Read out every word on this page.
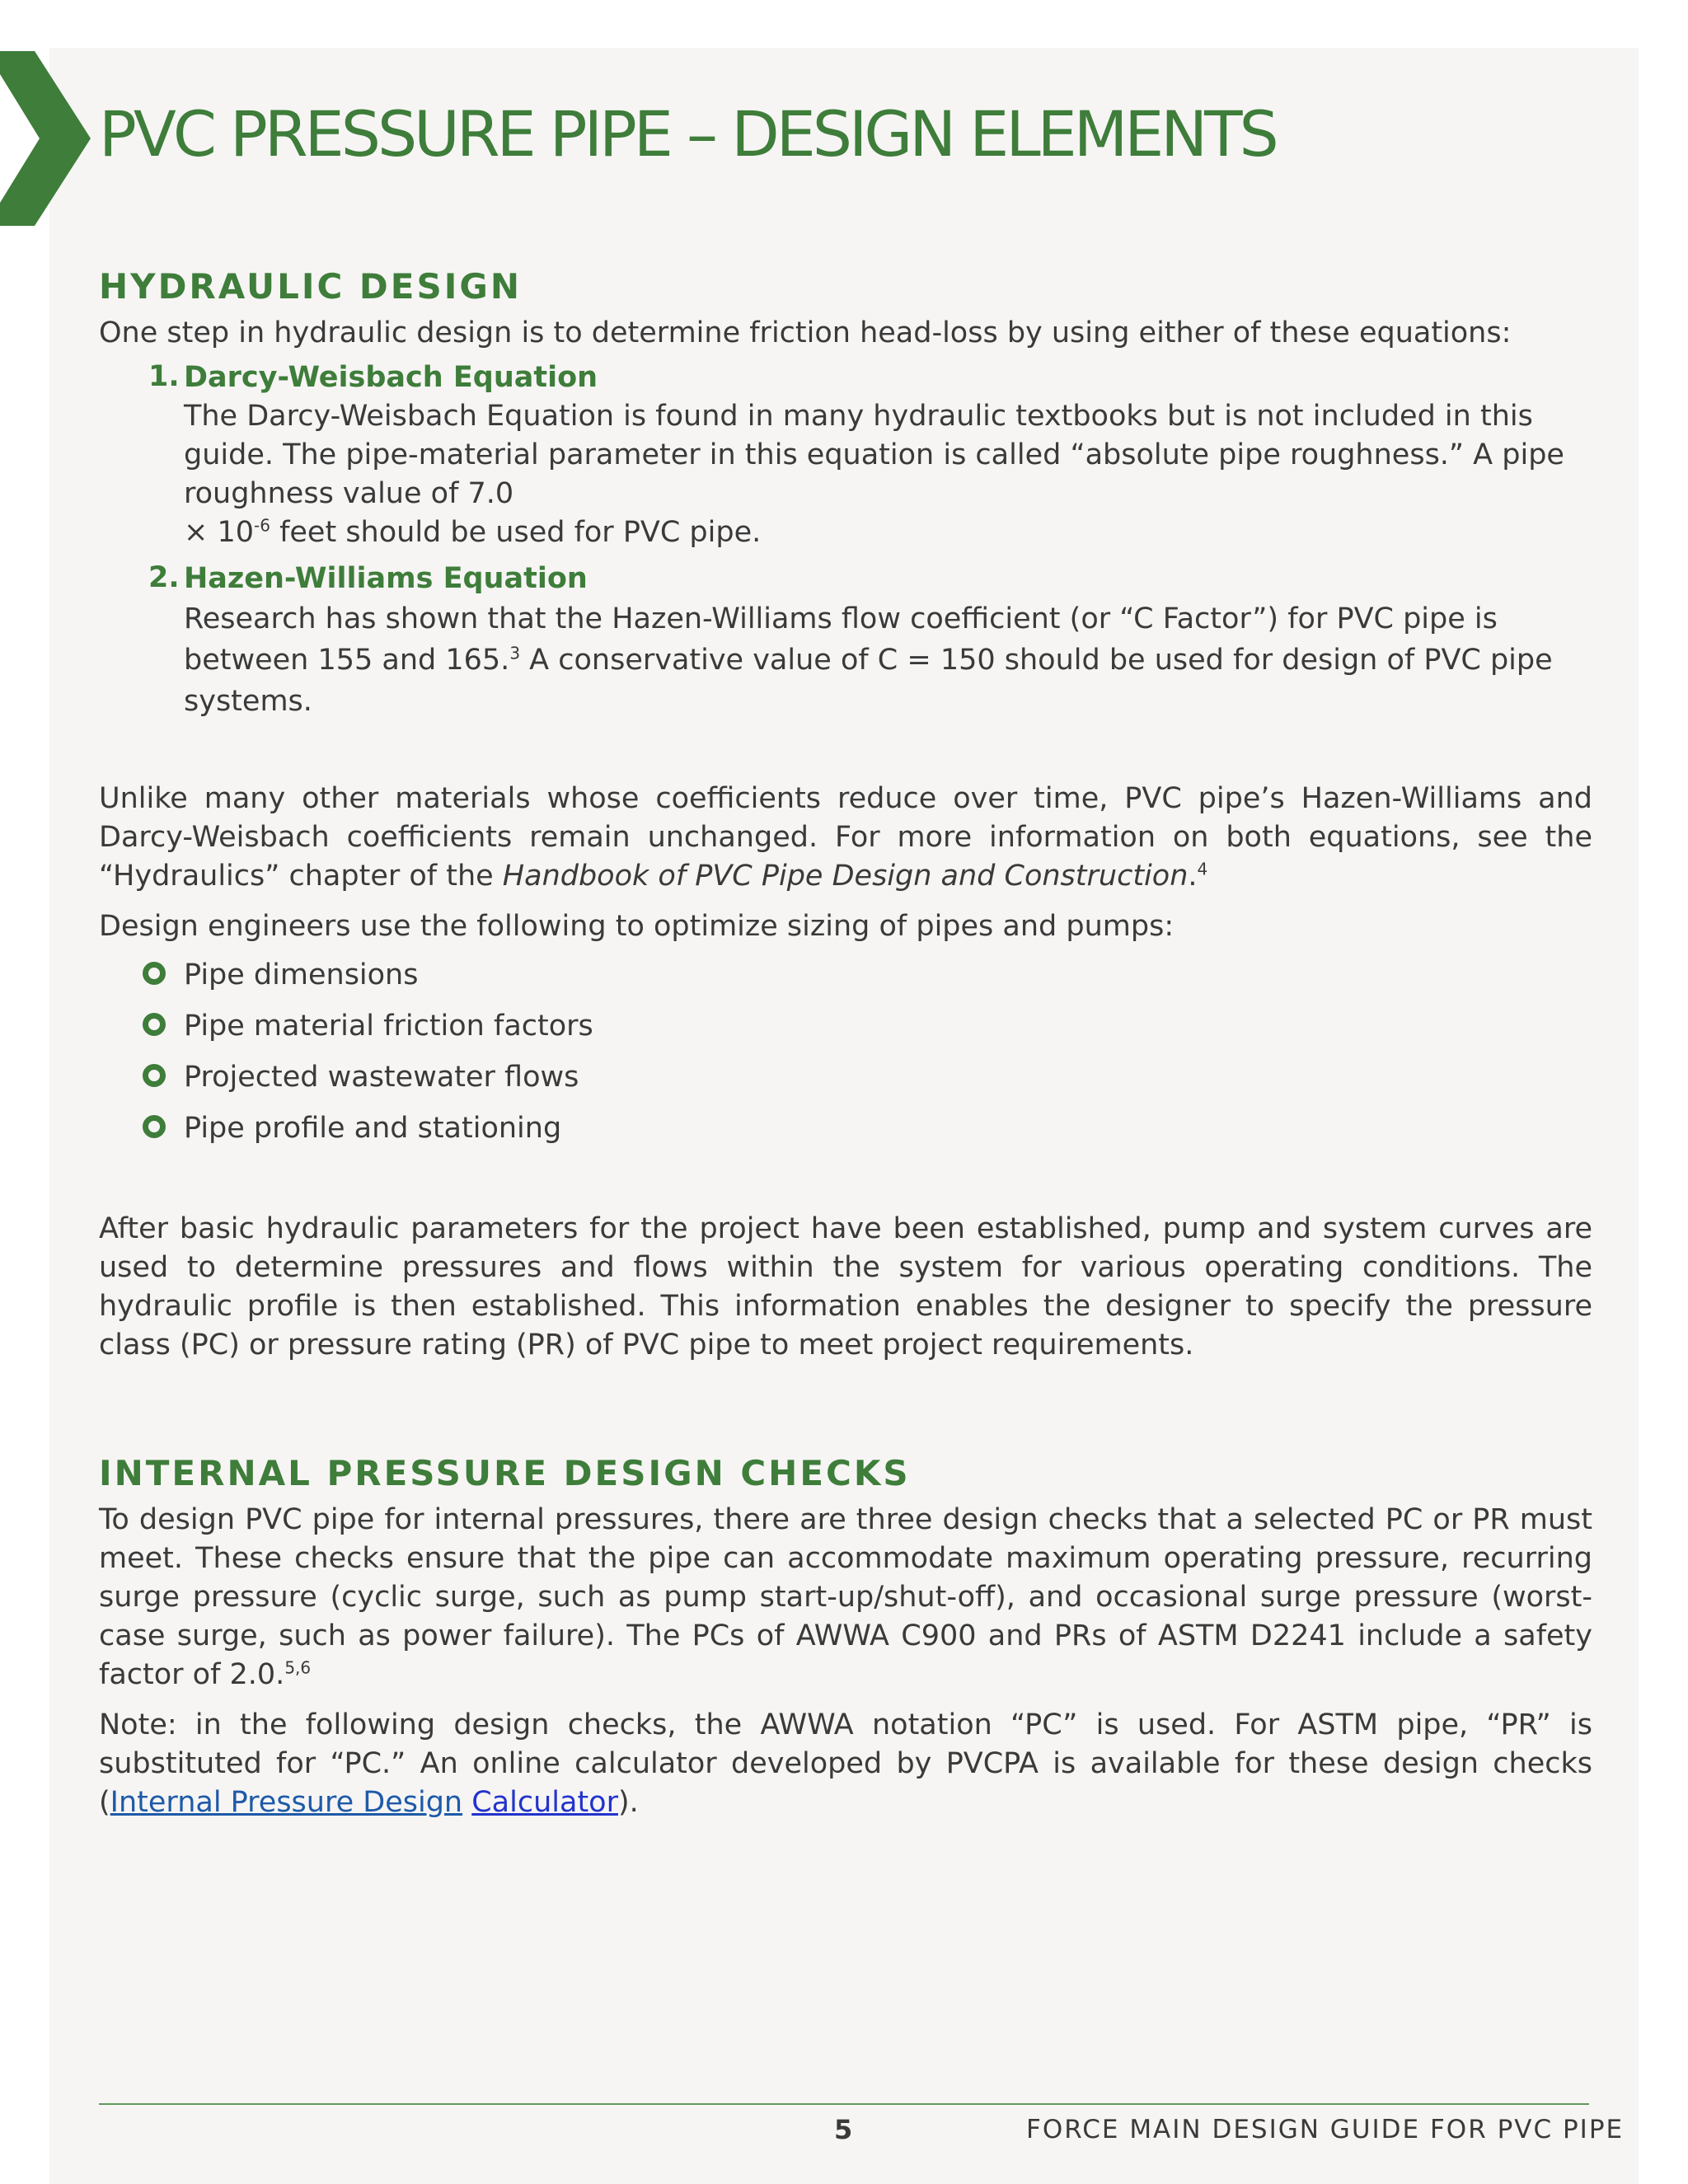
PVC PRESSURE PIPE – DESIGN ELEMENTS
HYDRAULIC DESIGN

One step in hydraulic design is to determine friction head-loss by using either of these equations:

1. Darcy-Weisbach Equation
The Darcy-Weisbach Equation is found in many hydraulic textbooks but is not included in this guide. The pipe-material parameter in this equation is called “absolute pipe roughness.” A pipe roughness value of 7.0
× $10^{-6}$ feet should be used for PVC pipe.
2. Hazen-Williams Equation
Research has shown that the Hazen-Williams flow coefficient (or “C Factor”) for PVC pipe is between 155 and 165.$^3$ A conservative value of C = 150 should be used for design of PVC pipe systems.

Unlike many other materials whose coefficients reduce over time, PVC pipe’s Hazen-Williams and Darcy-Weisbach coefficients remain unchanged. For more information on both equations, see the “Hydraulics” chapter of the Handbook of PVC Pipe Design and Construction.$^4$

Design engineers use the following to optimize sizing of pipes and pumps:

Pipe dimensions
Pipe material friction factors
Projected wastewater flows
Pipe profile and stationing

After basic hydraulic parameters for the project have been established, pump and system curves are used to determine pressures and flows within the system for various operating conditions. The hydraulic profile is then established. This information enables the designer to specify the pressure class (PC) or pressure rating (PR) of PVC pipe to meet project requirements.

INTERNAL PRESSURE DESIGN CHECKS

To design PVC pipe for internal pressures, there are three design checks that a selected PC or PR must meet. These checks ensure that the pipe can accommodate maximum operating pressure, recurring surge pressure (cyclic surge, such as pump start-up/shut-off), and occasional surge pressure (worst-case surge, such as power failure). The PCs of AWWA C900 and PRs of ASTM D2241 include a safety factor of 2.0.$^{5,6}$

Note: in the following design checks, the AWWA notation “PC” is used. For ASTM pipe, “PR” is substituted for “PC.” An online calculator developed by PVCPA is available for these design checks (Internal Pressure Design Calculator).

5	FORCE MAIN DESIGN GUIDE FOR PVC PIPE
